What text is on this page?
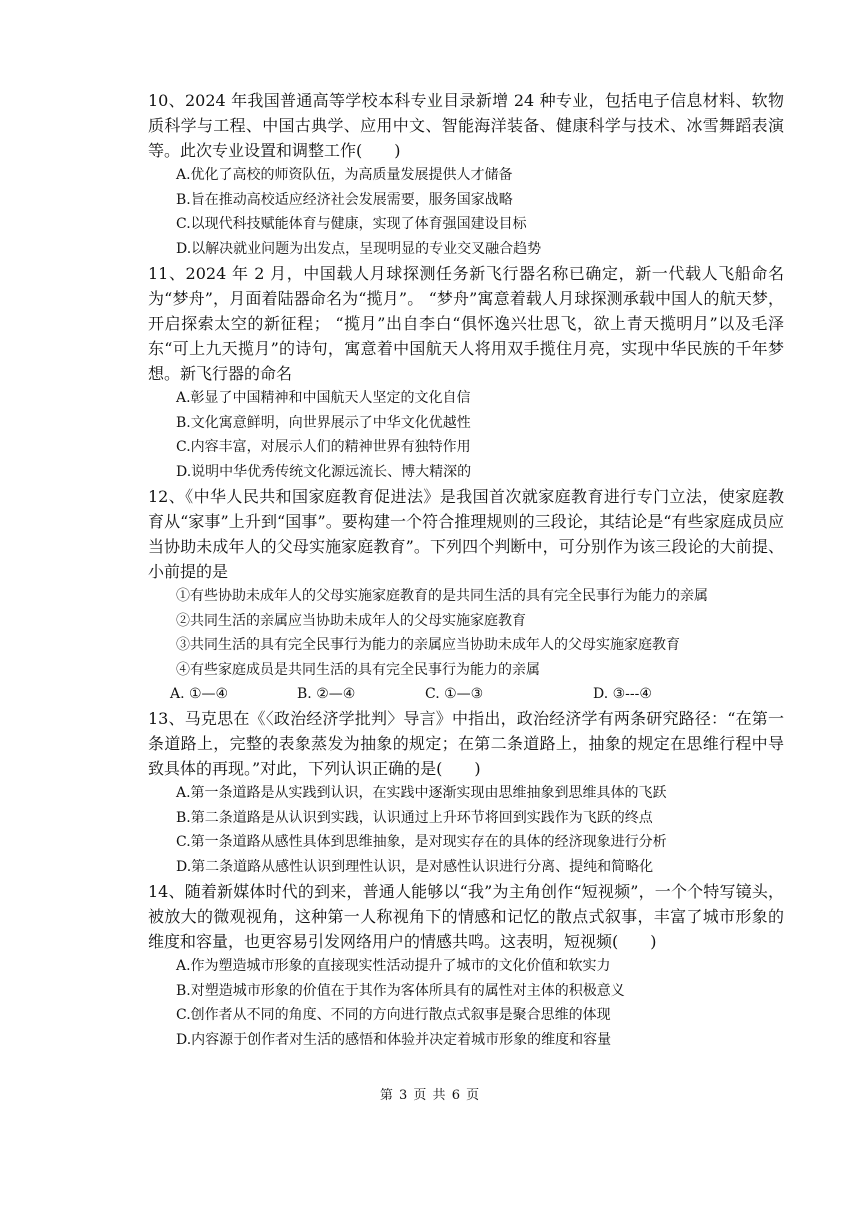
10、2024 年我国普通高等学校本科专业目录新增 24 种专业，包括电子信息材料、软物质科学与工程、中国古典学、应用中文、智能海洋装备、健康科学与技术、冰雪舞蹈表演等。此次专业设置和调整工作(　　)

A.优化了高校的师资队伍，为高质量发展提供人才储备

B.旨在推动高校适应经济社会发展需要，服务国家战略

C.以现代科技赋能体育与健康，实现了体育强国建设目标

D.以解决就业问题为出发点，呈现明显的专业交叉融合趋势

11、2024 年 2 月，中国载人月球探测任务新飞行器名称已确定，新一代载人飞船命名为“梦舟”，月面着陆器命名为“揽月”。 “梦舟”寓意着载人月球探测承载中国人的航天梦，开启探索太空的新征程； “揽月”出自李白“俱怀逸兴壮思飞，欲上青天揽明月”以及毛泽东“可上九天揽月”的诗句，寓意着中国航天人将用双手揽住月亮，实现中华民族的千年梦想。新飞行器的命名

A.彰显了中国精神和中国航天人坚定的文化自信

B.文化寓意鲜明，向世界展示了中华文化优越性

C.内容丰富，对展示人们的精神世界有独特作用

D.说明中华优秀传统文化源远流长、博大精深的

12、《中华人民共和国家庭教育促进法》是我国首次就家庭教育进行专门立法，使家庭教育从“家事”上升到“国事”。要构建一个符合推理规则的三段论，其结论是“有些家庭成员应当协助未成年人的父母实施家庭教育”。下列四个判断中，可分别作为该三段论的大前提、小前提的是

①有些协助未成年人的父母实施家庭教育的是共同生活的具有完全民事行为能力的亲属

②共同生活的亲属应当协助未成年人的父母实施家庭教育

③共同生活的具有完全民事行为能力的亲属应当协助未成年人的父母实施家庭教育

④有些家庭成员是共同生活的具有完全民事行为能力的亲属

A. ①—④	B. ②—④	C. ①—③	D. ③---④

13、马克思在《〈政治经济学批判〉导言》中指出，政治经济学有两条研究路径：“在第一条道路上，完整的表象蒸发为抽象的规定；在第二条道路上，抽象的规定在思维行程中导致具体的再现。”对此，下列认识正确的是(　　)

A.第一条道路是从实践到认识，在实践中逐渐实现由思维抽象到思维具体的飞跃

B.第二条道路是从认识到实践，认识通过上升环节将回到实践作为飞跃的终点

C.第一条道路从感性具体到思维抽象，是对现实存在的具体的经济现象进行分析

D.第二条道路从感性认识到理性认识，是对感性认识进行分离、提纯和简略化

14、随着新媒体时代的到来，普通人能够以“我”为主角创作“短视频”，一个个特写镜头，被放大的微观视角，这种第一人称视角下的情感和记忆的散点式叙事，丰富了城市形象的维度和容量，也更容易引发网络用户的情感共鸣。这表明，短视频(　　)

A.作为塑造城市形象的直接现实性活动提升了城市的文化价值和软实力

B.对塑造城市形象的价值在于其作为客体所具有的属性对主体的积极意义

C.创作者从不同的角度、不同的方向进行散点式叙事是聚合思维的体现

D.内容源于创作者对生活的感悟和体验并决定着城市形象的维度和容量

第 3 页 共 6 页
